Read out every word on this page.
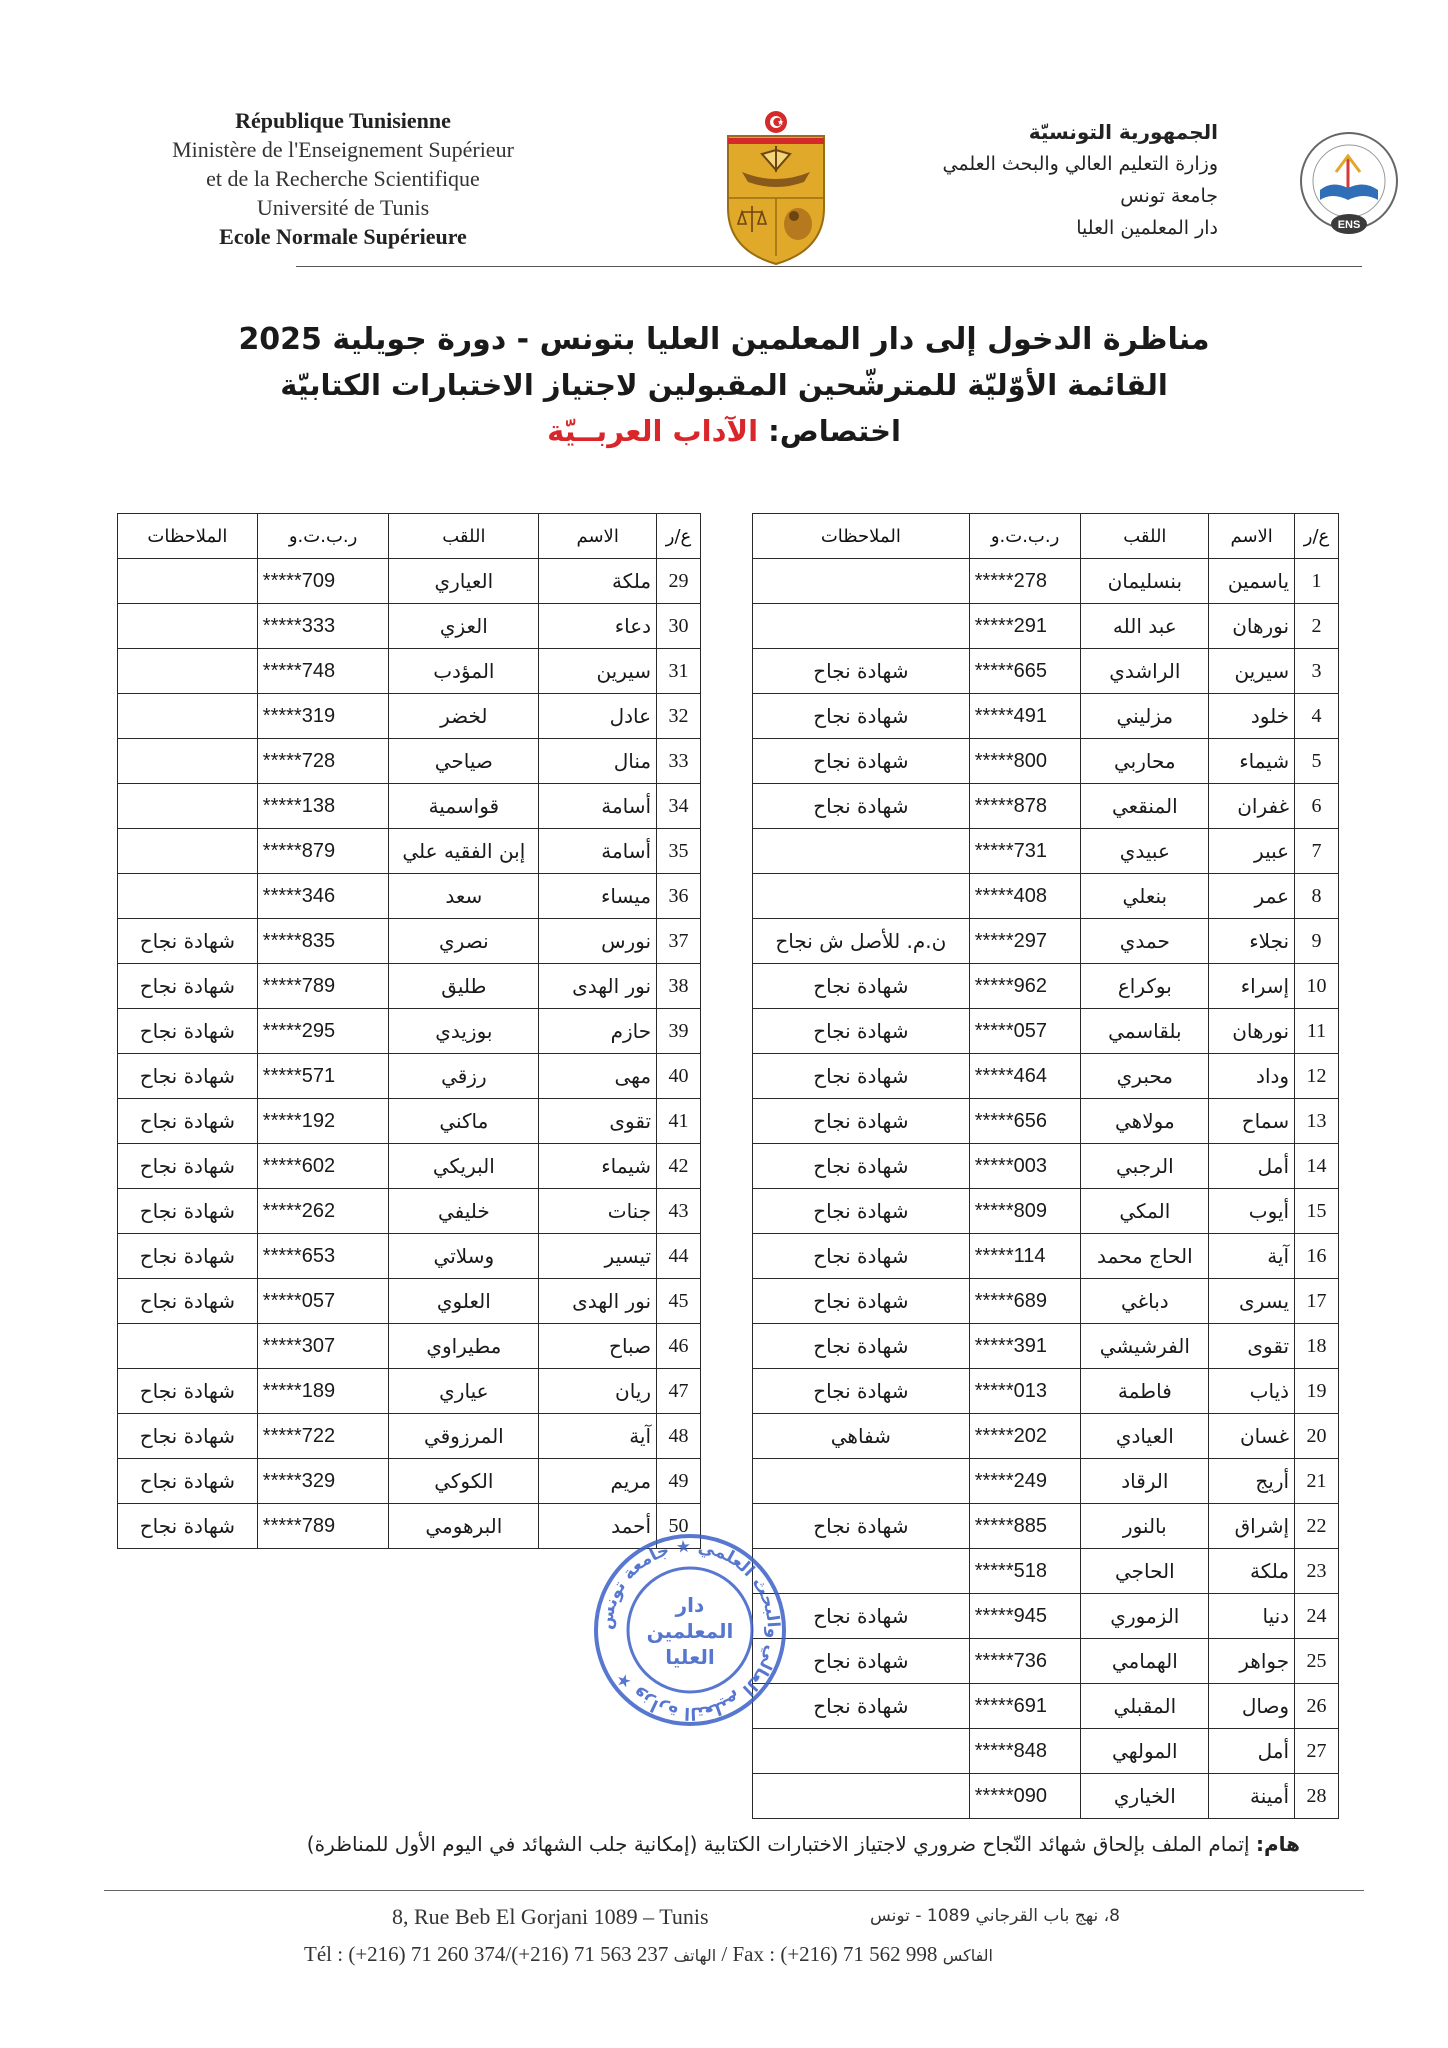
République Tunisienne
Ministère de l'Enseignement Supérieur
et de la Recherche Scientifique
Université de Tunis
Ecole Normale Supérieure	ENS
الجمهورية التونسيّة
وزارة التعليم العالي والبحث العلمي
جامعة تونس
دار المعلمين العليا
مناظرة الدخول إلى دار المعلمين العليا بتونس - دورة جويلية 2025
القائمة الأوّليّة للمترشّحين المقبولين لاجتياز الاختبارات الكتابيّة
اختصاص: الآداب العربــيّة
ع/ر	الاسم	اللقب	ر.ب.ت.و	الملاحظات
1	ياسمين	بنسليمان	*****278	
2	نورهان	عبد الله	*****291	
3	سيرين	الراشدي	*****665	شهادة نجاح
4	خلود	مزليني	*****491	شهادة نجاح
5	شيماء	محاربي	*****800	شهادة نجاح
6	غفران	المنقعي	*****878	شهادة نجاح
7	عبير	عبيدي	*****731	
8	عمر	بنعلي	*****408	
9	نجلاء	حمدي	*****297	ن.م. للأصل ش نجاح
10	إسراء	بوكراع	*****962	شهادة نجاح
11	نورهان	بلقاسمي	*****057	شهادة نجاح
12	وداد	محبري	*****464	شهادة نجاح
13	سماح	مولاهي	*****656	شهادة نجاح
14	أمل	الرجبي	*****003	شهادة نجاح
15	أيوب	المكي	*****809	شهادة نجاح
16	آية	الحاج محمد	*****114	شهادة نجاح
17	يسرى	دباغي	*****689	شهادة نجاح
18	تقوى	الفرشيشي	*****391	شهادة نجاح
19	ذياب	فاطمة	*****013	شهادة نجاح
20	غسان	العيادي	*****202	شفاهي
21	أريج	الرقاد	*****249	
22	إشراق	بالنور	*****885	شهادة نجاح
23	ملكة	الحاجي	*****518	
24	دنيا	الزموري	*****945	شهادة نجاح
25	جواهر	الهمامي	*****736	شهادة نجاح
26	وصال	المقبلي	*****691	شهادة نجاح
27	أمل	المولهي	*****848	
28	أمينة	الخياري	*****090	
ع/ر	الاسم	اللقب	ر.ب.ت.و	الملاحظات
29	ملكة	العياري	*****709	
30	دعاء	العزي	*****333	
31	سيرين	المؤدب	*****748	
32	عادل	لخضر	*****319	
33	منال	صياحي	*****728	
34	أسامة	قواسمية	*****138	
35	أسامة	إبن الفقيه علي	*****879	
36	ميساء	سعد	*****346	
37	نورس	نصري	*****835	شهادة نجاح
38	نور الهدى	طليق	*****789	شهادة نجاح
39	حازم	بوزيدي	*****295	شهادة نجاح
40	مهى	رزقي	*****571	شهادة نجاح
41	تقوى	ماكني	*****192	شهادة نجاح
42	شيماء	البريكي	*****602	شهادة نجاح
43	جنات	خليفي	*****262	شهادة نجاح
44	تيسير	وسلاتي	*****653	شهادة نجاح
45	نور الهدى	العلوي	*****057	شهادة نجاح
46	صباح	مطيراوي	*****307	
47	ريان	عياري	*****189	شهادة نجاح
48	آية	المرزوقي	*****722	شهادة نجاح
49	مريم	الكوكي	*****329	شهادة نجاح
50	أحمد	البرهومي	*****789	شهادة نجاح
وزارة التعليم العالي والبحث العلمي ★ جامعة تونس ★
دار
المعلمين
العليا
هام: إتمام الملف بإلحاق شهائد النّجاح ضروري لاجتياز الاختبارات الكتابية (إمكانية جلب الشهائد في اليوم الأول للمناظرة)
8, Rue Beb El Gorjani 1089 – Tunis	8، نهج باب القرجاني 1089 - تونس
Tél : (+216) 71 260 374/(+216) 71 563 237 الهاتف / Fax : (+216) 71 562 998 الفاكس
